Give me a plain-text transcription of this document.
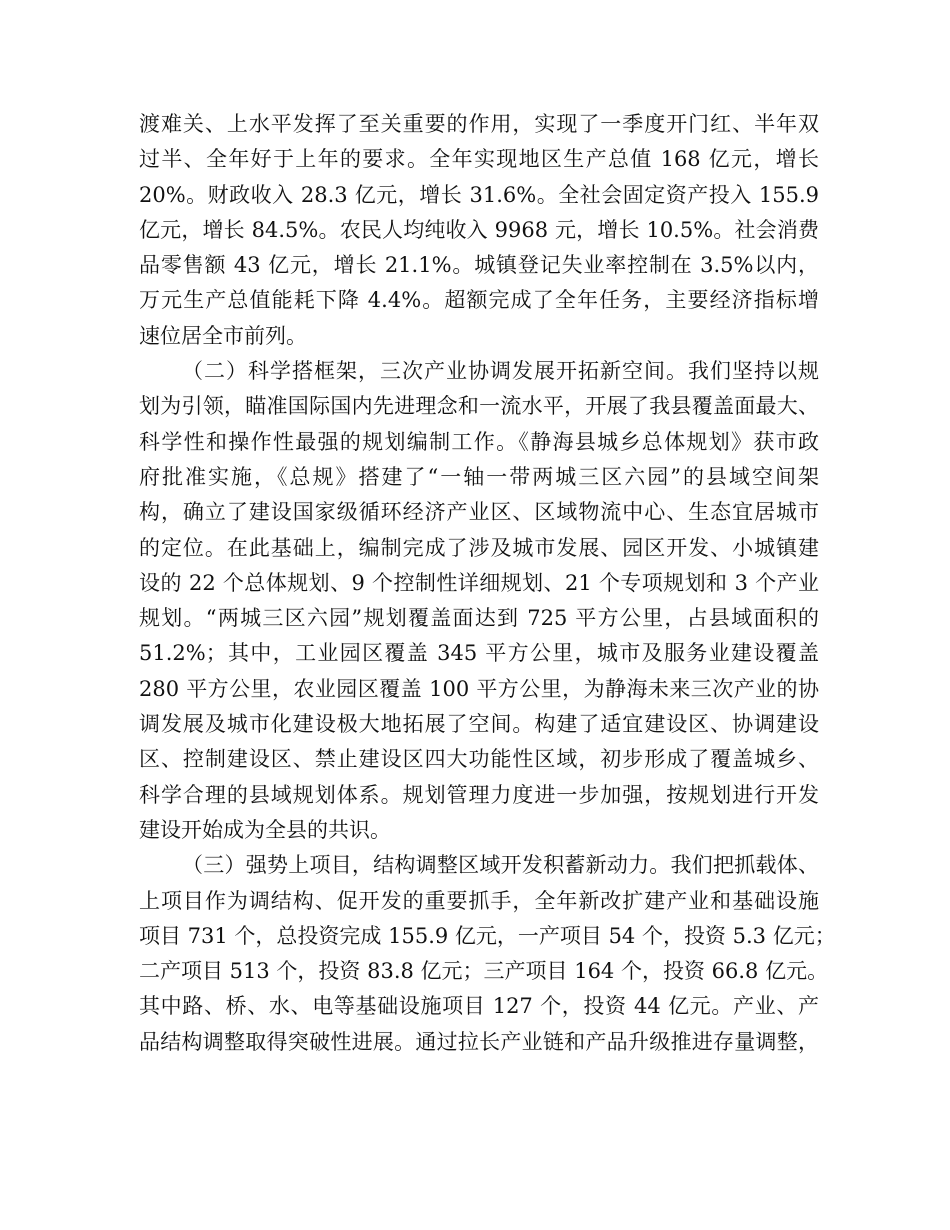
渡难关、上水平发挥了至关重要的作用，实现了一季度开门红、半年双
过半、全年好于上年的要求。全年实现地区生产总值 168 亿元，增长
20%。财政收入 28.3 亿元，增长 31.6%。全社会固定资产投入 155.9
亿元，增长 84.5%。农民人均纯收入 9968 元，增长 10.5%。社会消费
品零售额 43 亿元，增长 21.1%。城镇登记失业率控制在 3.5%以内，
万元生产总值能耗下降 4.4%。超额完成了全年任务，主要经济指标增
速位居全市前列。
（二）科学搭框架，三次产业协调发展开拓新空间。我们坚持以规
划为引领，瞄准国际国内先进理念和一流水平，开展了我县覆盖面最大、
科学性和操作性最强的规划编制工作。《静海县城乡总体规划》获市政
府批准实施，《总规》搭建了“一轴一带两城三区六园”的县域空间架
构，确立了建设国家级循环经济产业区、区域物流中心、生态宜居城市
的定位。在此基础上，编制完成了涉及城市发展、园区开发、小城镇建
设的 22 个总体规划、9 个控制性详细规划、21 个专项规划和 3 个产业
规划。“两城三区六园”规划覆盖面达到 725 平方公里，占县域面积的
51.2%；其中，工业园区覆盖 345 平方公里，城市及服务业建设覆盖
280 平方公里，农业园区覆盖 100 平方公里，为静海未来三次产业的协
调发展及城市化建设极大地拓展了空间。构建了适宜建设区、协调建设
区、控制建设区、禁止建设区四大功能性区域，初步形成了覆盖城乡、
科学合理的县域规划体系。规划管理力度进一步加强，按规划进行开发
建设开始成为全县的共识。
（三）强势上项目，结构调整区域开发积蓄新动力。我们把抓载体、
上项目作为调结构、促开发的重要抓手，全年新改扩建产业和基础设施
项目 731 个，总投资完成 155.9 亿元，一产项目 54 个，投资 5.3 亿元；
二产项目 513 个，投资 83.8 亿元；三产项目 164 个，投资 66.8 亿元。
其中路、桥、水、电等基础设施项目 127 个，投资 44 亿元。产业、产
品结构调整取得突破性进展。通过拉长产业链和产品升级推进存量调整，
